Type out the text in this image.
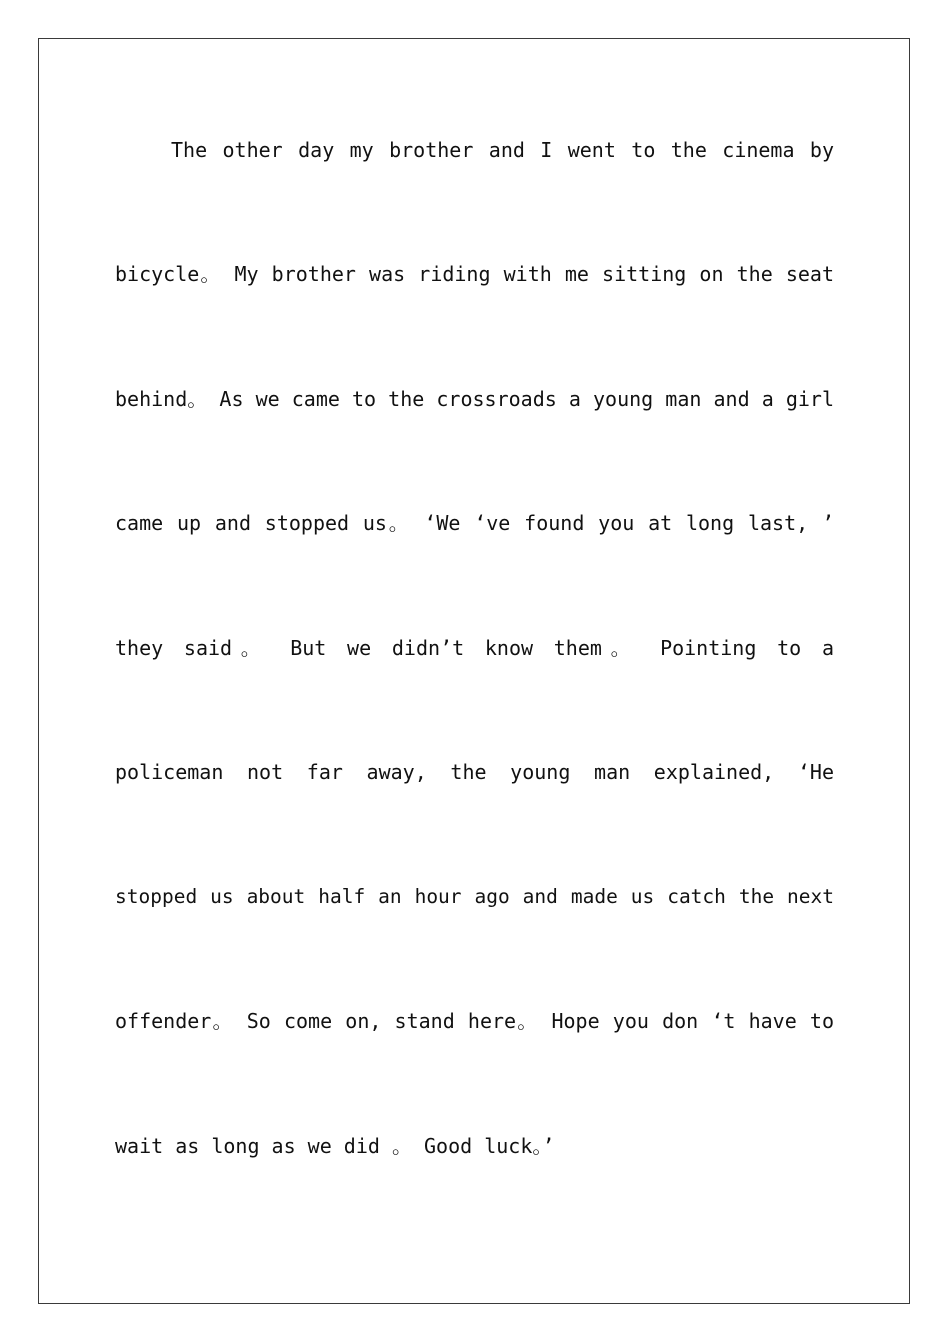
The other day my brother and I went to the cinema by
bicycle。 My brother was riding with me sitting on the seat
behind。 As we came to the crossroads a young man and a girl
came up and stopped us。 ‘We ‘ve found you at long last, ’
they said。 But we didn’t know them。 Pointing to a
policeman not far away, the young man explained, ‘He
stopped us about half an hour ago and made us catch the next
offender。 So come on, stand here。 Hope you don ‘t have to
wait as long as we did 。 Good luck。’
